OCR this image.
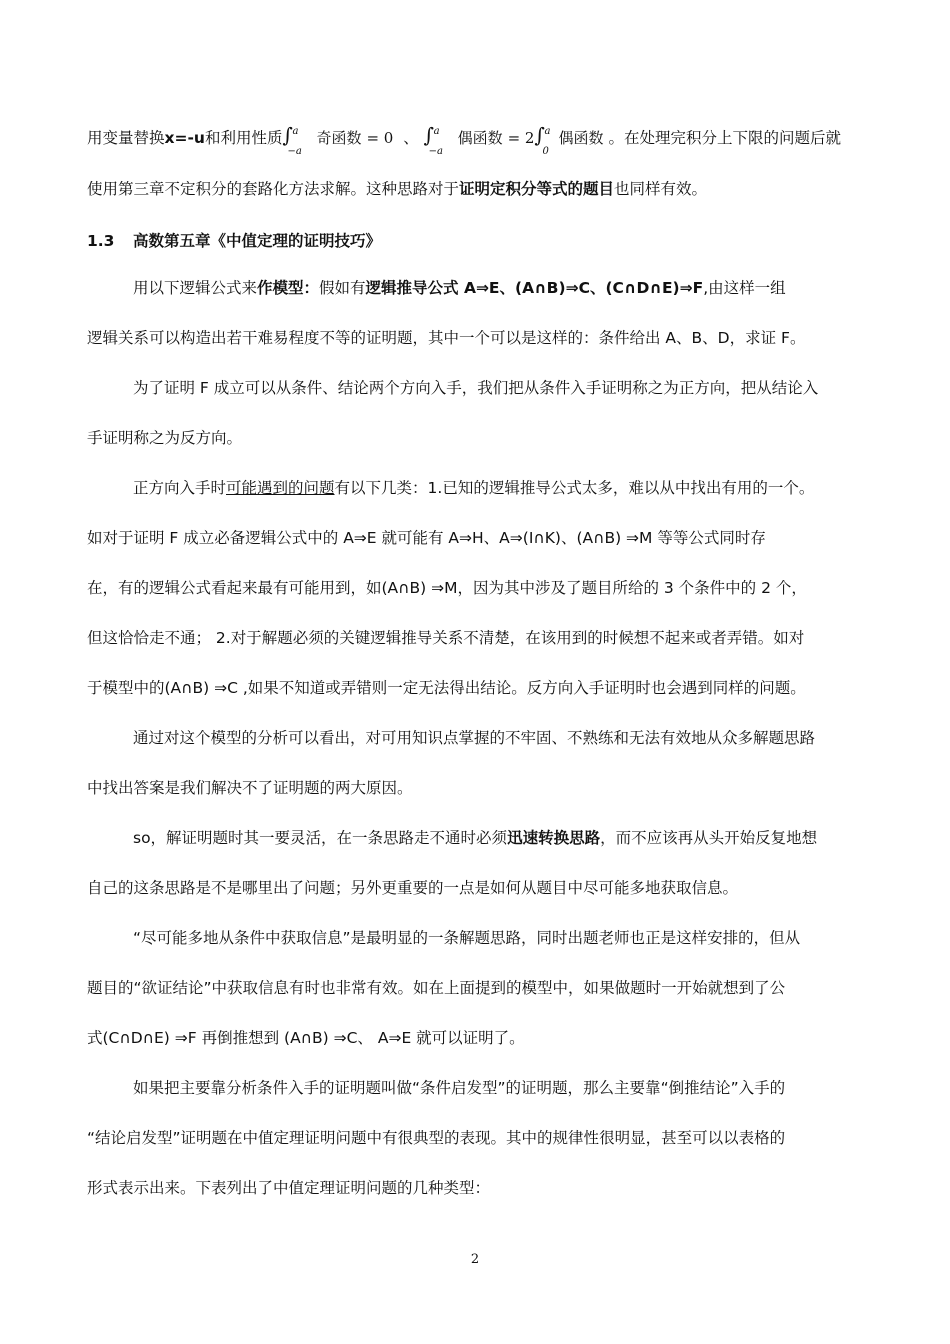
用变量替换x=-u和利用性质 ∫ a
−a
奇函数 = 0 、 ∫ a
−a
偶函数 = 2 ∫ a
0
偶函数 。在处理完积分上下限的问题后就
使用第三章不定积分的套路化方法求解。这种思路对于证明定积分等式的题目也同样有效。
1.3 高数第五章《中值定理的证明技巧》
用以下逻辑公式来作模型：假如有逻辑推导公式 A⇒E、(A∩B)⇒C、(C∩D∩E)⇒F,由这样一组
逻辑关系可以构造出若干难易程度不等的证明题，其中一个可以是这样的：条件给出 A、B、D，求证 F。
为了证明 F 成立可以从条件、结论两个方向入手，我们把从条件入手证明称之为正方向，把从结论入
手证明称之为反方向。
正方向入手时可能遇到的问题有以下几类：1.已知的逻辑推导公式太多，难以从中找出有用的一个。
如对于证明 F 成立必备逻辑公式中的 A⇒E 就可能有 A⇒H、A⇒(I∩K)、(A∩B) ⇒M 等等公式同时存
在，有的逻辑公式看起来最有可能用到，如(A∩B) ⇒M，因为其中涉及了题目所给的 3 个条件中的 2 个，
但这恰恰走不通； 2.对于解题必须的关键逻辑推导关系不清楚，在该用到的时候想不起来或者弄错。如对
于模型中的(A∩B) ⇒C ,如果不知道或弄错则一定无法得出结论。反方向入手证明时也会遇到同样的问题。
通过对这个模型的分析可以看出，对可用知识点掌握的不牢固、不熟练和无法有效地从众多解题思路
中找出答案是我们解决不了证明题的两大原因。
so，解证明题时其一要灵活，在一条思路走不通时必须迅速转换思路，而不应该再从头开始反复地想
自己的这条思路是不是哪里出了问题；另外更重要的一点是如何从题目中尽可能多地获取信息。
“尽可能多地从条件中获取信息”是最明显的一条解题思路，同时出题老师也正是这样安排的，但从
题目的“欲证结论”中获取信息有时也非常有效。如在上面提到的模型中，如果做题时一开始就想到了公
式(C∩D∩E) ⇒F 再倒推想到 (A∩B) ⇒C、 A⇒E 就可以证明了。
如果把主要靠分析条件入手的证明题叫做“条件启发型”的证明题，那么主要靠“倒推结论”入手的
“结论启发型”证明题在中值定理证明问题中有很典型的表现。其中的规律性很明显，甚至可以以表格的
形式表示出来。下表列出了中值定理证明问题的几种类型：
2
